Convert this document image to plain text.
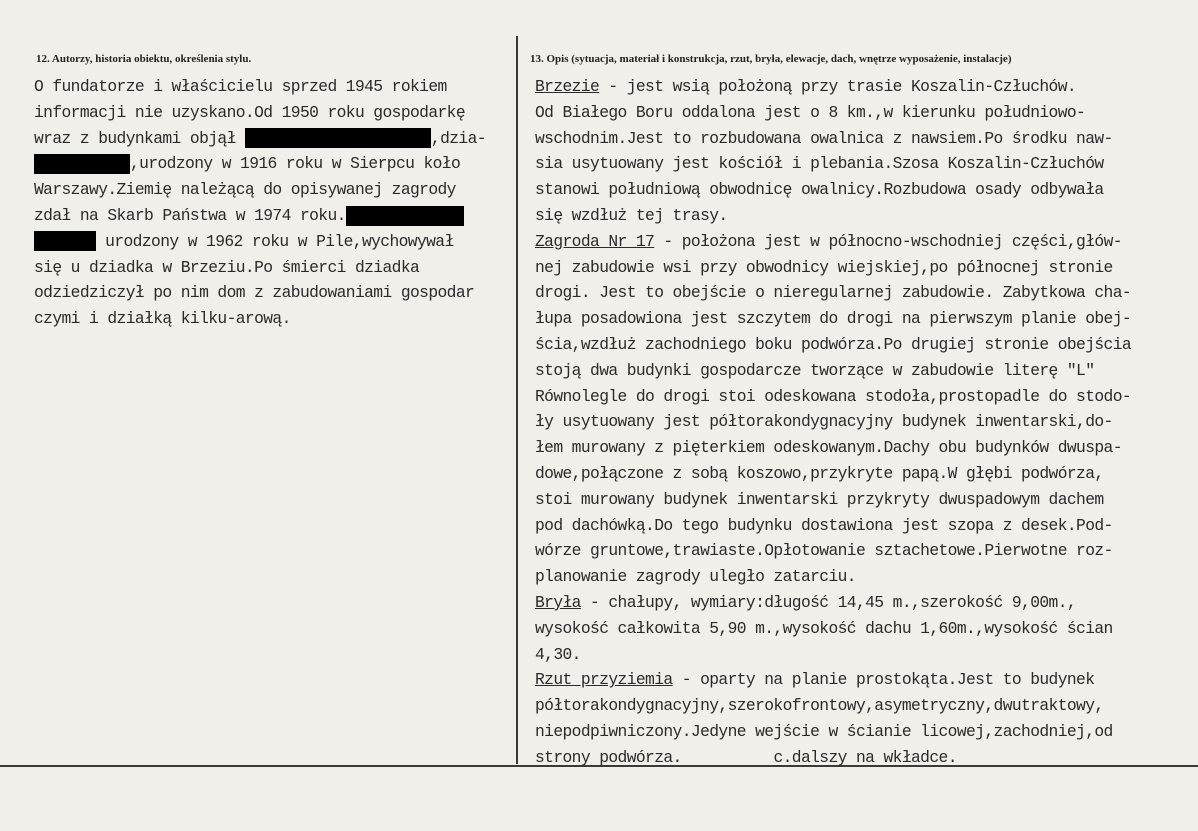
12. Autorzy, historia obiektu, określenia stylu.	13. Opis (sytuacja, materiał i konstrukcja, rzut, bryła, elewacje, dach, wnętrze wyposażenie, instalacje)
O fundatorze i właścicielu sprzed 1945 rokiem
informacji nie uzyskano.Od 1950 roku gospodarkę
wraz z budynkami objął	,dzia-
,urodzony w 1916 roku w Sierpcu koło
Warszawy.Ziemię należącą do opisywanej zagrody
zdał na Skarb Państwa w 1974 roku.
urodzony w 1962 roku w Pile,wychowywał
się u dziadka w Brzeziu.Po śmierci dziadka
odziedziczył po nim dom z zabudowaniami gospodar
czymi i działką kilku-arową.
Brzezie - jest wsią położoną przy trasie Koszalin-Człuchów.
Od Białego Boru oddalona jest o 8 km.,w kierunku południowo-
wschodnim.Jest to rozbudowana owalnica z nawsiem.Po środku naw-
sia usytuowany jest kościół i plebania.Szosa Koszalin-Człuchów
stanowi południową obwodnicę owalnicy.Rozbudowa osady odbywała
się wzdłuż tej trasy.
Zagroda Nr 17 - położona jest w północno-wschodniej części,głów-
nej zabudowie wsi przy obwodnicy wiejskiej,po północnej stronie
drogi. Jest to obejście o nieregularnej zabudowie. Zabytkowa cha-
łupa posadowiona jest szczytem do drogi na pierwszym planie obej-
ścia,wzdłuż zachodniego boku podwórza.Po drugiej stronie obejścia
stoją dwa budynki gospodarcze tworzące w zabudowie literę "L"
Równolegle do drogi stoi odeskowana stodoła,prostopadle do stodo-
ły usytuowany jest półtorakondygnacyjny budynek inwentarski,do-
łem murowany z pięterkiem odeskowanym.Dachy obu budynków dwuspa-
dowe,połączone z sobą koszowo,przykryte papą.W głębi podwórza,
stoi murowany budynek inwentarski przykryty dwuspadowym dachem
pod dachówką.Do tego budynku dostawiona jest szopa z desek.Pod-
wórze gruntowe,trawiaste.Opłotowanie sztachetowe.Pierwotne roz-
planowanie zagrody uległo zatarciu.
Bryła - chałupy, wymiary:długość 14,45 m.,szerokość 9,00m.,
wysokość całkowita 5,90 m.,wysokość dachu 1,60m.,wysokość ścian
4,30.
Rzut przyziemia - oparty na planie prostokąta.Jest to budynek
półtorakondygnacyjny,szerokofrontowy,asymetryczny,dwutraktowy,
niepodpiwniczony.Jedyne wejście w ścianie licowej,zachodniej,od
strony podwórza.	c.dalszy na wkładce.
